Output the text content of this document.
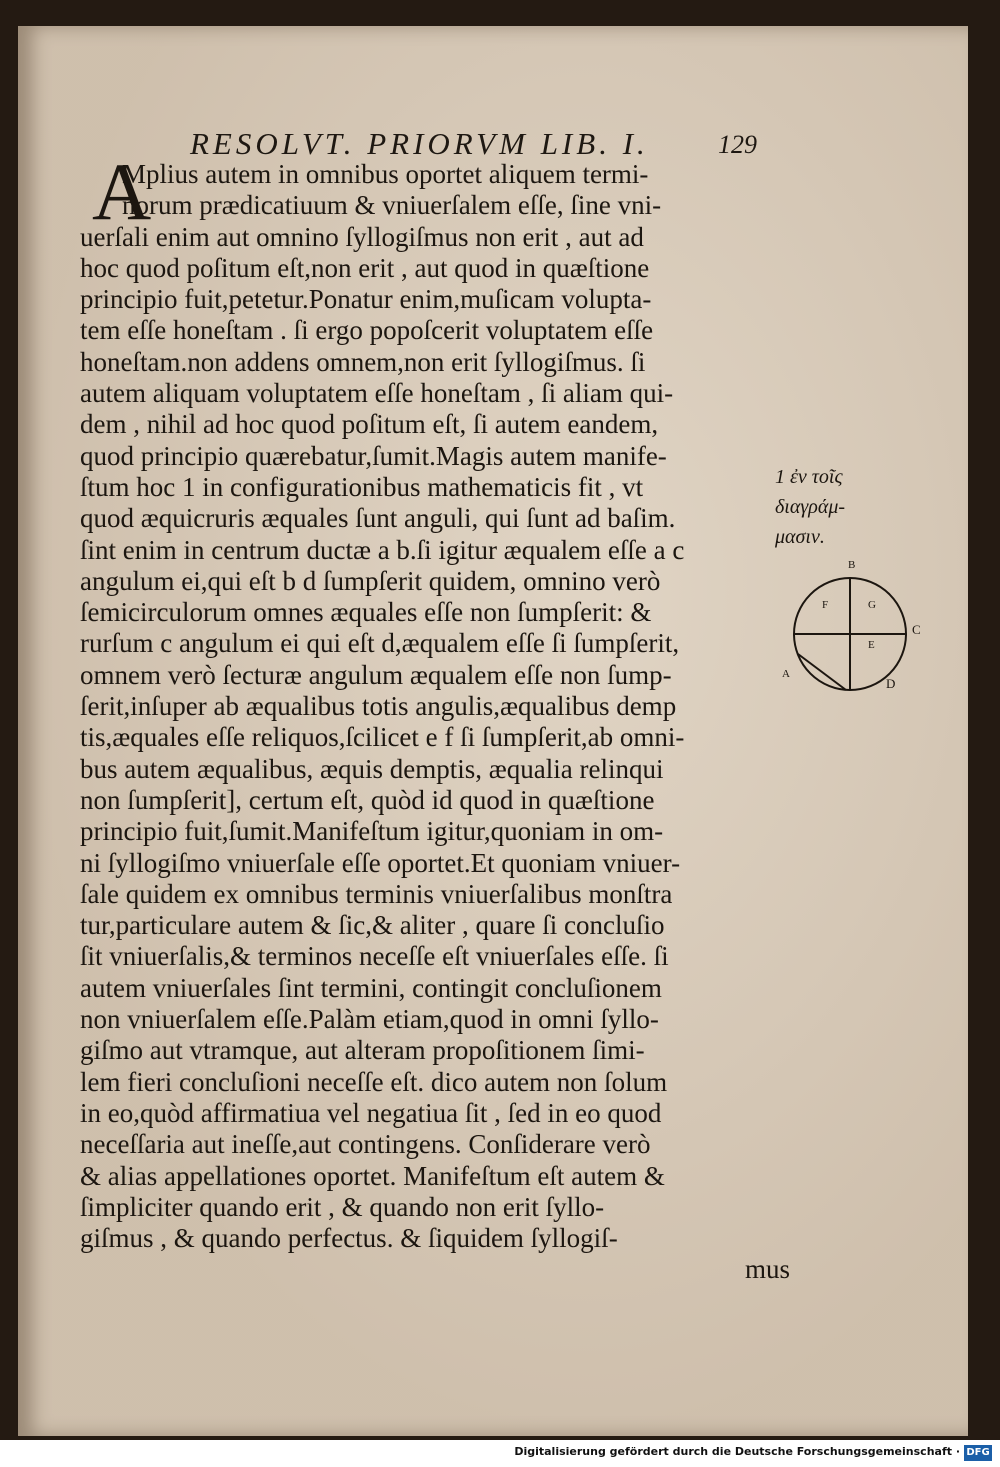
RESOLVT. PRIORVM LIB. I.	129
A
Mplius autem in omnibus oportet aliquem termi-
norum prædicatiuum & vniuerſalem eſſe, ſine vni-
uerſali enim aut omnino ſyllogiſmus non erit , aut ad
hoc quod poſitum eſt,non erit , aut quod in quæſtione
principio fuit,petetur.Ponatur enim,muſicam volupta-
tem eſſe honeſtam . ſi ergo popoſcerit voluptatem eſſe
honeſtam.non addens omnem,non erit ſyllogiſmus. ſi
autem aliquam voluptatem eſſe honeſtam , ſi aliam qui-
dem , nihil ad hoc quod poſitum eſt, ſi autem eandem,
quod principio quærebatur,ſumit.Magis autem manife-
ſtum hoc 1 in configurationibus mathematicis fit , vt
quod æquicruris æquales ſunt anguli, qui ſunt ad baſim.
ſint enim in centrum ductæ a b.ſi igitur æqualem eſſe a c
angulum ei,qui eſt b d ſumpſerit quidem, omnino verò
ſemicirculorum omnes æquales eſſe non ſumpſerit: &
rurſum c angulum ei qui eſt d,æqualem eſſe ſi ſumpſerit,
omnem verò ſecturæ angulum æqualem eſſe non ſump-
ſerit,inſuper ab æqualibus totis angulis,æqualibus demp
tis,æquales eſſe reliquos,ſcilicet e f ſi ſumpſerit,ab omni-
bus autem æqualibus, æquis demptis, æqualia relinqui
non ſumpſerit], certum eſt, quòd id quod in quæſtione
principio fuit,ſumit.Manifeſtum igitur,quoniam in om-
ni ſyllogiſmo vniuerſale eſſe oportet.Et quoniam vniuer-
ſale quidem ex omnibus terminis vniuerſalibus monſtra
tur,particulare autem & ſic,& aliter , quare ſi concluſio
ſit vniuerſalis,& terminos neceſſe eſt vniuerſales eſſe. ſi
autem vniuerſales ſint termini, contingit concluſionem
non vniuerſalem eſſe.Palàm etiam,quod in omni ſyllo-
giſmo aut vtramque, aut alteram propoſitionem ſimi-
lem fieri concluſioni neceſſe eſt. dico autem non ſolum
in eo,quòd affirmatiua vel negatiua ſit , ſed in eo quod
neceſſaria aut ineſſe,aut contingens. Conſiderare verò
& alias appellationes oportet. Manifeſtum eſt autem &
ſimpliciter quando erit , & quando non erit ſyllo-
giſmus , & quando perfectus. & ſiquidem ſyllogiſ-
mus
1 ἐν τοῖς
διαγράμ-
μασιν.
B
C
A
D
F	G
E
Digitalisierung gefördert durch die Deutsche Forschungsgemeinschaft · DFG
